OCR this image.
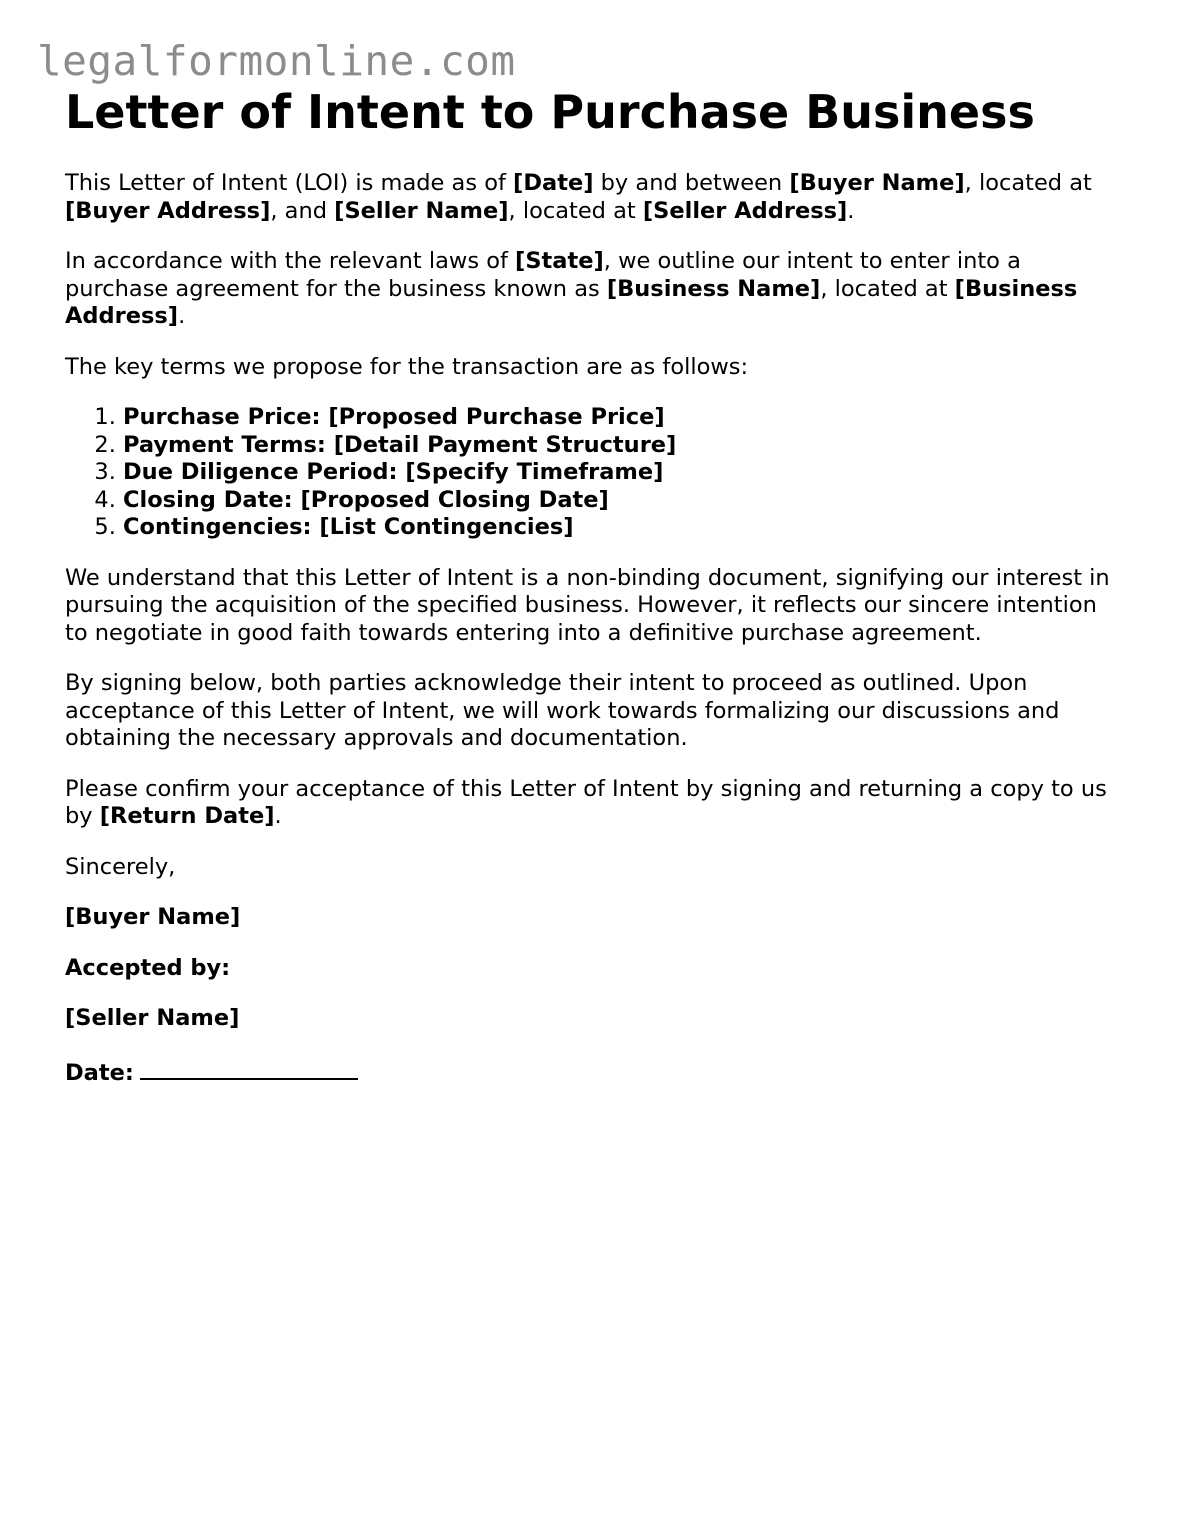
legalformonline.com
Letter of Intent to Purchase Business

This Letter of Intent (LOI) is made as of [Date] by and between [Buyer Name], located at [Buyer Address], and [Seller Name], located at [Seller Address].

In accordance with the relevant laws of [State], we outline our intent to enter into a purchase agreement for the business known as [Business Name], located at [Business Address].

The key terms we propose for the transaction are as follows:

1. Purchase Price: [Proposed Purchase Price]
2. Payment Terms: [Detail Payment Structure]
3. Due Diligence Period: [Specify Timeframe]
4. Closing Date: [Proposed Closing Date]
5. Contingencies: [List Contingencies]

We understand that this Letter of Intent is a non-binding document, signifying our interest in pursuing the acquisition of the specified business. However, it reflects our sincere intention to negotiate in good faith towards entering into a definitive purchase agreement.

By signing below, both parties acknowledge their intent to proceed as outlined. Upon acceptance of this Letter of Intent, we will work towards formalizing our discussions and obtaining the necessary approvals and documentation.

Please confirm your acceptance of this Letter of Intent by signing and returning a copy to us by [Return Date].

Sincerely,

[Buyer Name]

Accepted by:

[Seller Name]

Date:
